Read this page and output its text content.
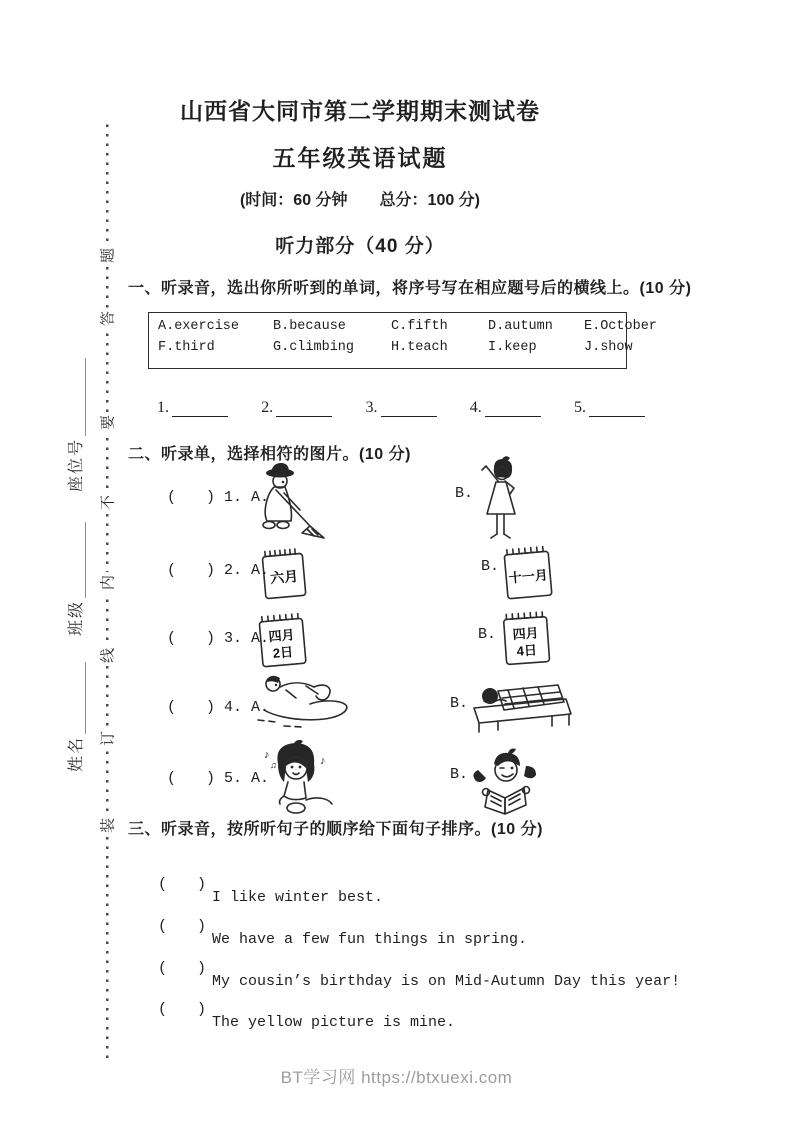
姓名
班级
座位号
装
订
线
内
不
要
答
题
山西省大同市第二学期期末测试卷
五年级英语试题
(时间：60 分钟　　总分：100 分)
听力部分（40 分）
一、听录音，选出你所听到的单词，将序号写在相应题号后的横线上。(10 分)
A.exercise	B.because	C.fifth	D.autumn E.October
F.third	G.climbing	H.teach	I.keep	J.show
1.	2.	3.	4.	5.
二、听录单，选择相符的图片。(10 分)
(　　) 1. A.	B.
(　　) 2. A. 六月
B.
十一月
(　　) 3. A.
四月
2日
B. 四月
4日
(　　) 4. A.	B.
(　　) 5. A.
♪
♫	♪
B.
三、听录音，按所听句子的顺序给下面句子排序。(10 分)

(　　)

I like winter best.

(　　)

We have a few fun things in spring.

(　　)

My cousin’s birthday is on Mid-Autumn Day this year!

(　　)

The yellow picture is mine.

BT学习网 https://btxuexi.com
